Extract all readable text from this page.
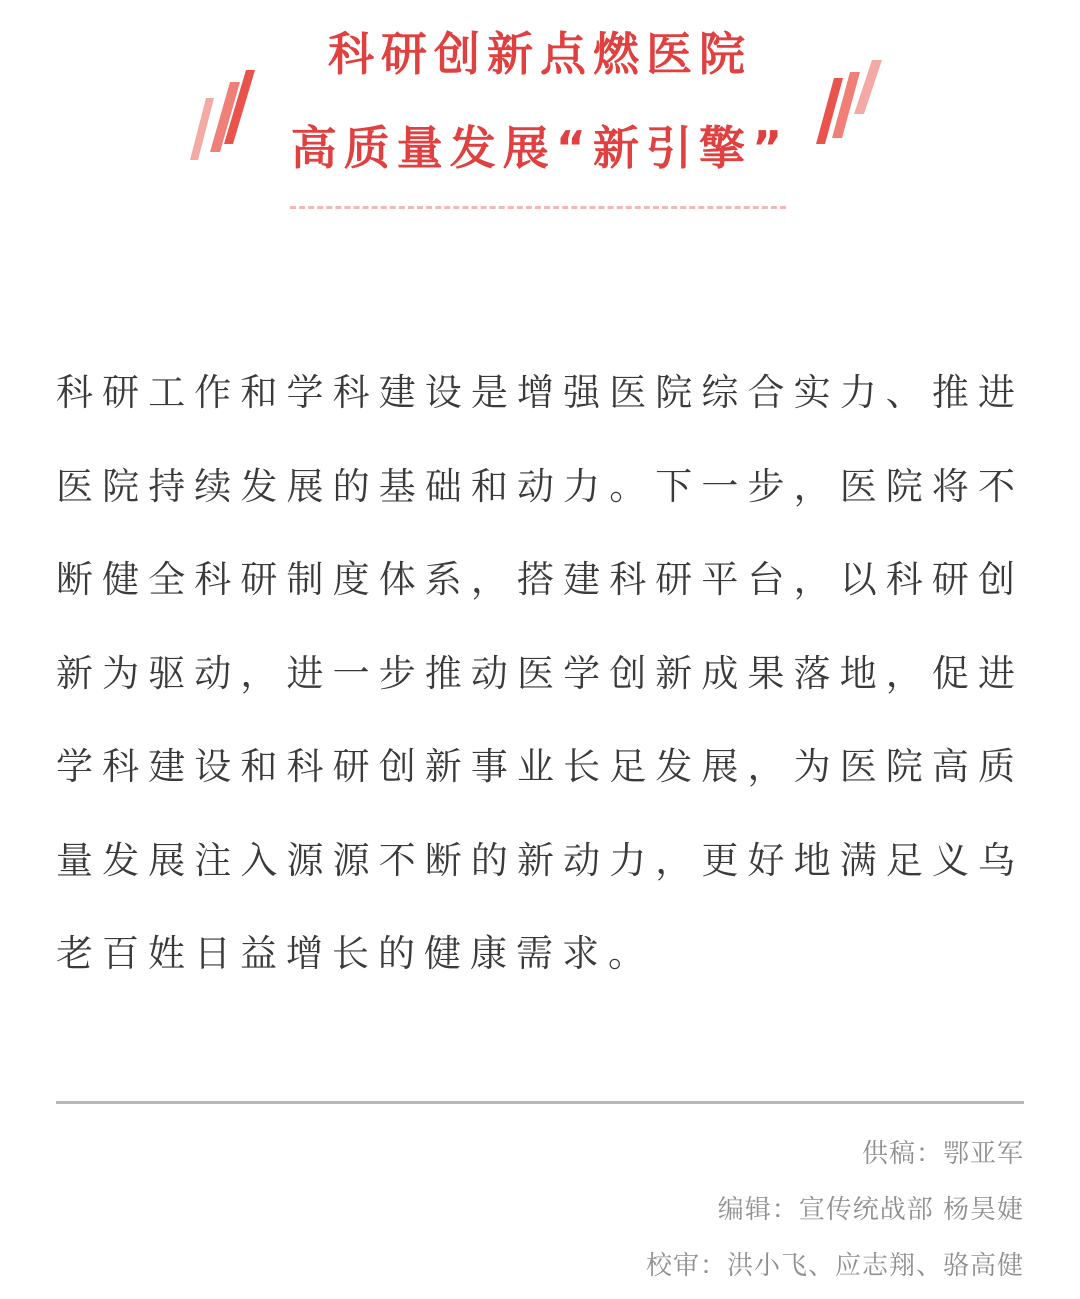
科研创新点燃医院
高质量发展“新引擎”

科研工作和学科建设是增强医院综合实力、推进医院持续发展的基础和动力。下一步，医院将不断健全科研制度体系，搭建科研平台，以科研创新为驱动，进一步推动医学创新成果落地，促进学科建设和科研创新事业长足发展，为医院高质量发展注入源源不断的新动力，更好地满足义乌老百姓日益增长的健康需求。

供稿：鄂亚军
编辑：宣传统战部 杨昊婕
校审：洪小飞、应志翔、骆高健
